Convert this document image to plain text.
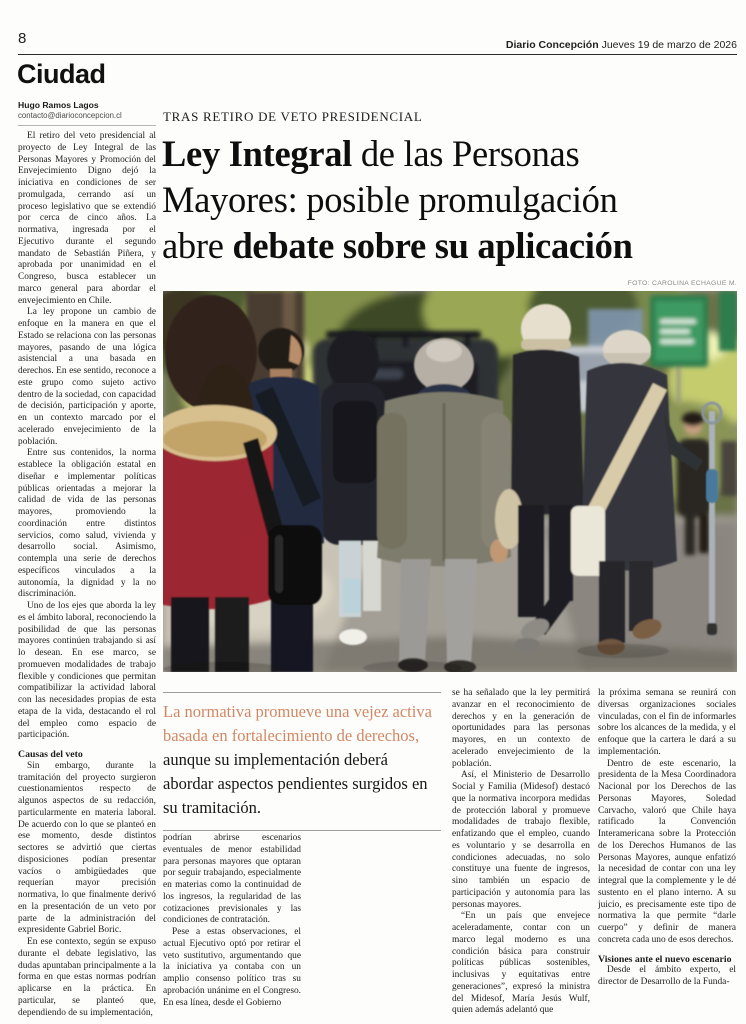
8	Diario Concepción Jueves 19 de marzo de 2026
Ciudad
Hugo Ramos Lagos
contacto@diarioconcepcion.cl	TRAS RETIRO DE VETO PRESIDENCIAL
Ley Integral de las Personas
Mayores: posible promulgación
abre debate sobre su aplicación
FOTO: CAROLINA ECHAGUE M.
La normativa promueve una vejez activa basada en fortalecimiento de derechos, aunque su implementación deberá abordar aspectos pendientes surgidos en su tramitación.

El retiro del veto presidencial al proyecto de Ley Integral de las Personas Mayores y Promoción del Envejecimiento Digno dejó la iniciativa en condiciones de ser promulgada, cerrando así un proceso legislativo que se extendió por cerca de cinco años. La normativa, ingresada por el Ejecutivo durante el segundo mandato de Sebastián Piñera, y aprobada por unanimidad en el Congreso, busca establecer un marco general para abordar el envejecimiento en Chile.

La ley propone un cambio de enfoque en la manera en que el Estado se relaciona con las personas mayores, pasando de una lógica asistencial a una basada en derechos. En ese sentido, reconoce a este grupo como sujeto activo dentro de la sociedad, con capacidad de decisión, participación y aporte, en un contexto marcado por el acelerado envejecimiento de la población.

Entre sus contenidos, la norma establece la obligación estatal en diseñar e implementar políticas públicas orientadas a mejorar la calidad de vida de las personas mayores, promoviendo la coordinación entre distintos servicios, como salud, vivienda y desarrollo social. Asimismo, contempla una serie de derechos específicos vinculados a la autonomía, la dignidad y la no discriminación.

Uno de los ejes que aborda la ley es el ámbito laboral, reconociendo la posibilidad de que las personas mayores continúen trabajando si así lo desean. En ese marco, se promueven modalidades de trabajo flexible y condiciones que permitan compatibilizar la actividad laboral con las necesidades propias de esta etapa de la vida, destacando el rol del empleo como espacio de participación.

Causas del veto

Sin embargo, durante la tramitación del proyecto surgieron cuestionamientos respecto de algunos aspectos de su redacción, particularmente en materia laboral. De acuerdo con lo que se planteó en ese momento, desde distintos sectores se advirtió que ciertas disposiciones podían presentar vacíos o ambigüedades que requerían mayor precisión normativa, lo que finalmente derivó en la presentación de un veto por parte de la administración del expresidente Gabriel Boric.

En ese contexto, según se expuso durante el debate legislativo, las dudas apuntaban principalmente a la forma en que estas normas podrían aplicarse en la práctica. En particular, se planteó que, dependiendo de su implementación,

podrían abrirse escenarios eventuales de menor estabilidad para personas mayores que optaran por seguir trabajando, especialmente en materias como la continuidad de los ingresos, la regularidad de las cotizaciones previsionales y las condiciones de contratación.

Pese a estas observaciones, el actual Ejecutivo optó por retirar el veto sustitutivo, argumentando que la iniciativa ya contaba con un amplio consenso político tras su aprobación unánime en el Congreso. En esa línea, desde el Gobierno

se ha señalado que la ley permitirá avanzar en el reconocimiento de derechos y en la generación de oportunidades para las personas mayores, en un contexto de acelerado envejecimiento de la población.

Así, el Ministerio de Desarrollo Social y Familia (Midesof) destacó que la normativa incorpora medidas de protección laboral y promueve modalidades de trabajo flexible, enfatizando que el empleo, cuando es voluntario y se desarrolla en condiciones adecuadas, no solo constituye una fuente de ingresos, sino también un espacio de participación y autonomía para las personas mayores.

“En un país que envejece aceleradamente, contar con un marco legal moderno es una condición básica para construir políticas públicas sostenibles, inclusivas y equitativas entre generaciones”, expresó la ministra del Midesof, María Jesús Wulf, quien además adelantó que

la próxima semana se reunirá con diversas organizaciones sociales vinculadas, con el fin de informarles sobre los alcances de la medida, y el enfoque que la cartera le dará a su implementación.

Dentro de este escenario, la presidenta de la Mesa Coordinadora Nacional por los Derechos de las Personas Mayores, Soledad Carvacho, valoró que Chile haya ratificado la Convención Interamericana sobre la Protección de los Derechos Humanos de las Personas Mayores, aunque enfatizó la necesidad de contar con una ley integral que la complemente y le dé sustento en el plano interno. A su juicio, es precisamente este tipo de normativa la que permite “darle cuerpo” y definir de manera concreta cada uno de esos derechos.

Visiones ante el nuevo escenario

Desde el ámbito experto, el director de Desarrollo de la Funda-
